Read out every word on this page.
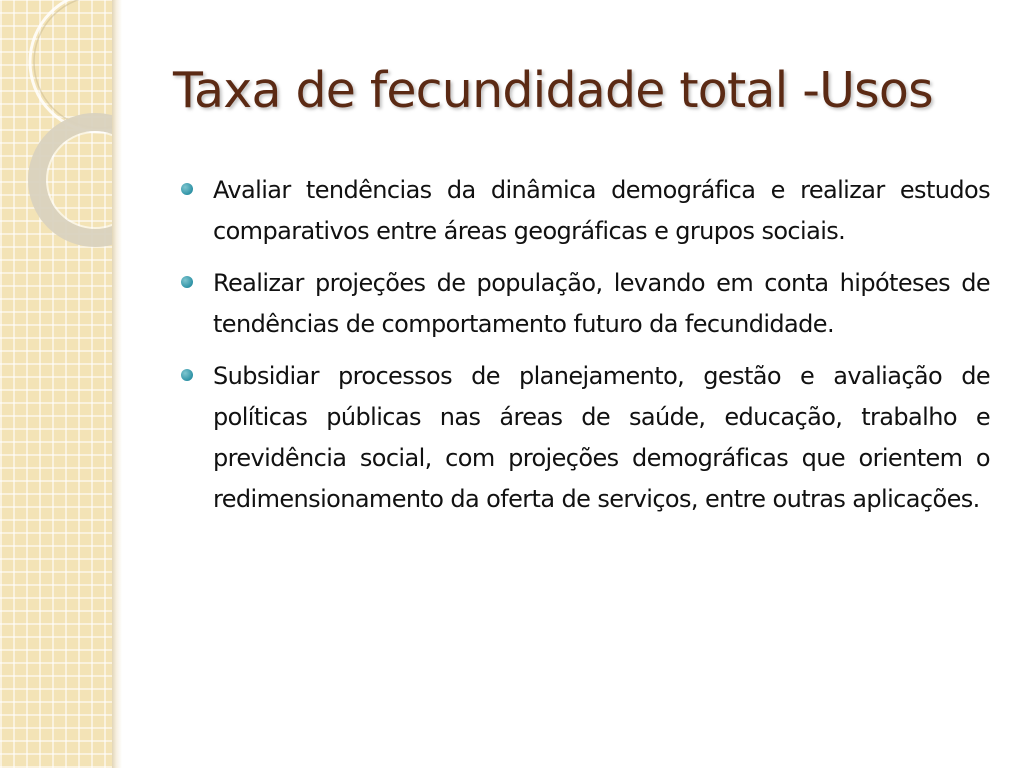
Taxa de fecundidade total -Usos
Avaliar tendências da dinâmica demográfica e realizar estudos comparativos entre áreas geográficas e grupos sociais.
Realizar projeções de população, levando em conta hipóteses de tendências de comportamento futuro da fecundidade.
Subsidiar processos de planejamento, gestão e avaliação de políticas públicas nas áreas de saúde, educação, trabalho e previdência social, com projeções demográficas que orientem o redimensionamento da oferta de serviços, entre outras aplicações.
